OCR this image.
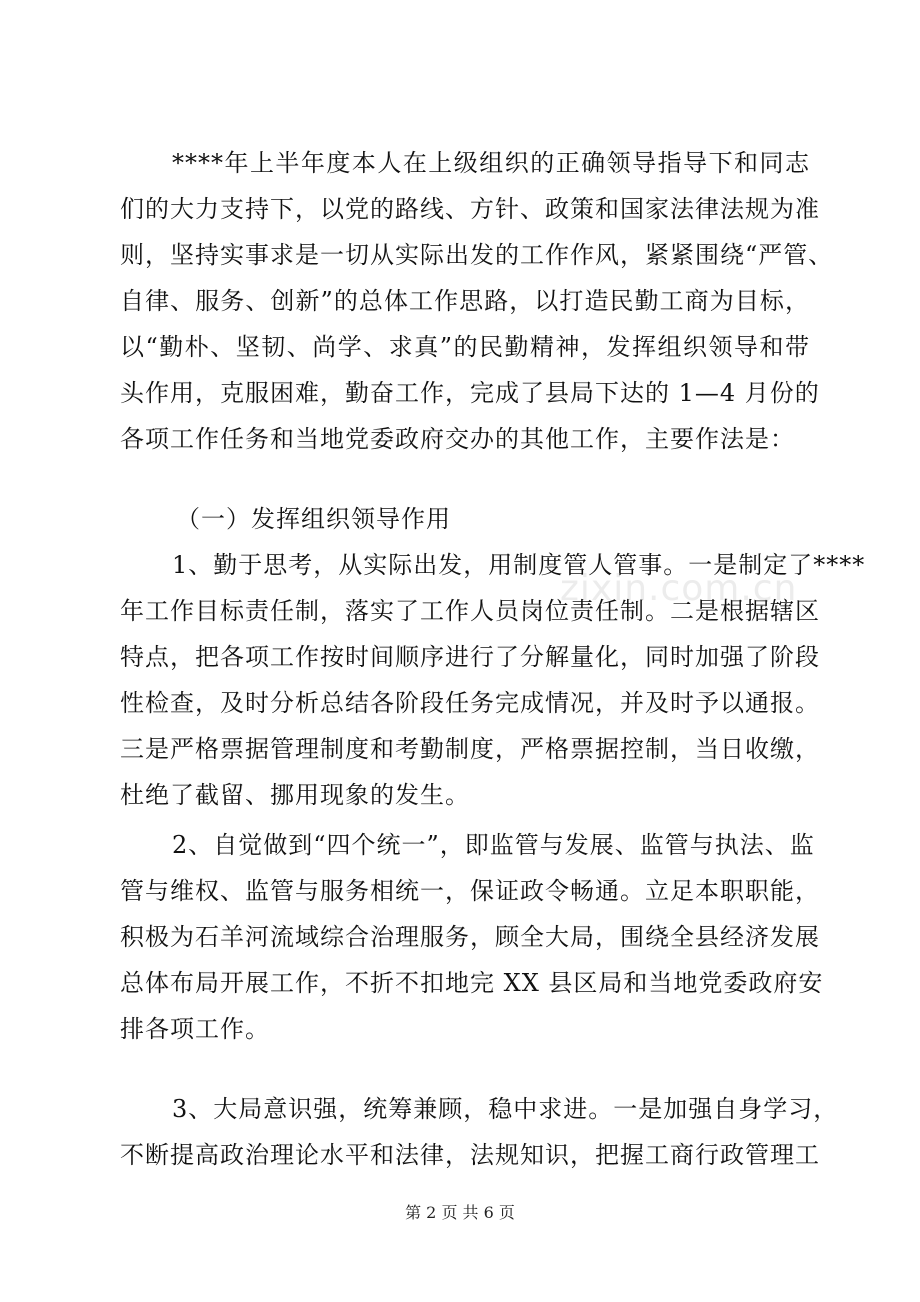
****年上半年度本人在上级组织的正确领导指导下和同志
们的大力支持下，以党的路线、方针、政策和国家法律法规为准
则，坚持实事求是一切从实际出发的工作作风，紧紧围绕“严管、
自律、服务、创新”的总体工作思路，以打造民勤工商为目标，
以“勤朴、坚韧、尚学、求真”的民勤精神，发挥组织领导和带
头作用，克服困难，勤奋工作，完成了县局下达的 1—4 月份的
各项工作任务和当地党委政府交办的其他工作，主要作法是：
（一）发挥组织领导作用
1、勤于思考，从实际出发，用制度管人管事。一是制定了****
年工作目标责任制，落实了工作人员岗位责任制。二是根据辖区
特点，把各项工作按时间顺序进行了分解量化，同时加强了阶段
性检查，及时分析总结各阶段任务完成情况，并及时予以通报。
三是严格票据管理制度和考勤制度，严格票据控制，当日收缴，
杜绝了截留、挪用现象的发生。
2、自觉做到“四个统一”，即监管与发展、监管与执法、监
管与维权、监管与服务相统一，保证政令畅通。立足本职职能，
积极为石羊河流域综合治理服务，顾全大局，围绕全县经济发展
总体布局开展工作，不折不扣地完 XX 县区局和当地党委政府安
排各项工作。
3、大局意识强，统筹兼顾，稳中求进。一是加强自身学习，
不断提高政治理论水平和法律，法规知识，把握工商行政管理工
zixin.com.cn
第 2 页 共 6 页
